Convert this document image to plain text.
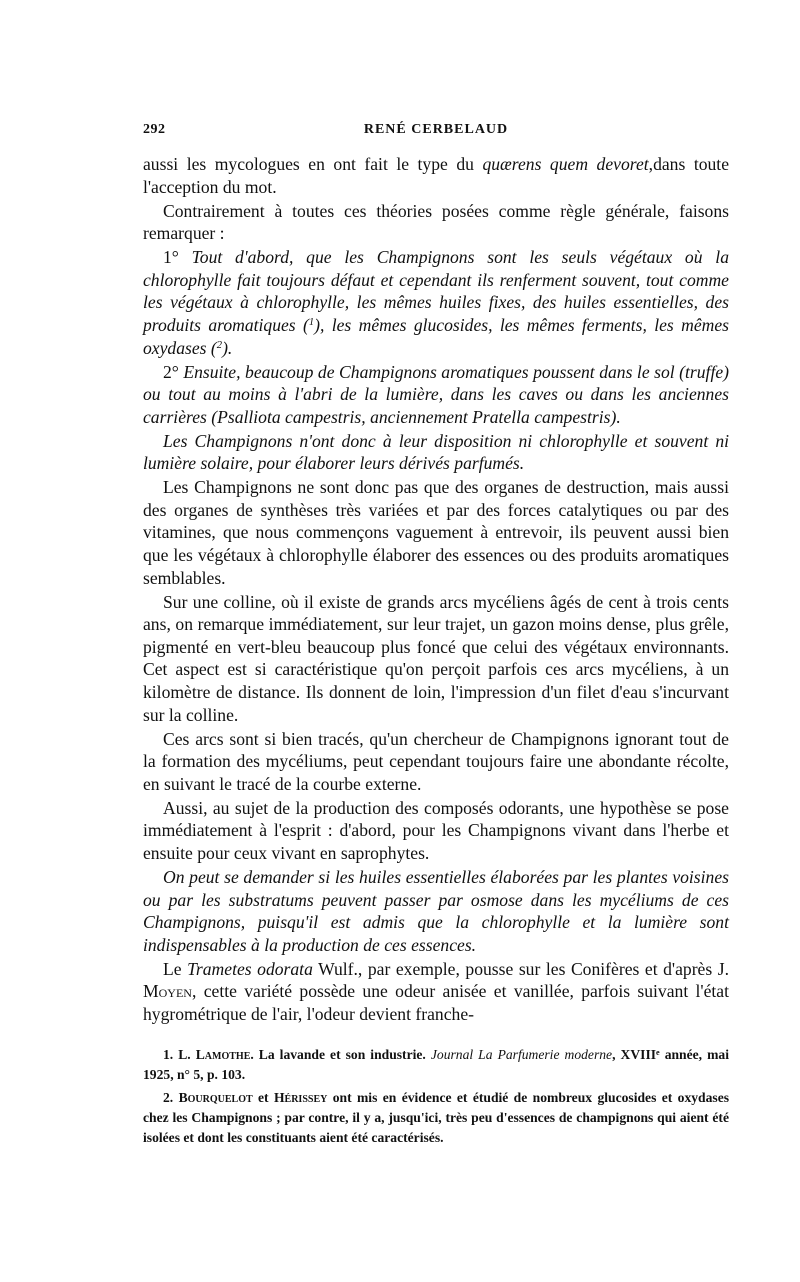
292	RENÉ CERBELAUD

aussi les mycologues en ont fait le type du quærens quem devoret,dans toute l'acception du mot.

Contrairement à toutes ces théories posées comme règle générale, faisons remarquer :

1° Tout d'abord, que les Champignons sont les seuls végétaux où la chlorophylle fait toujours défaut et cependant ils renferment souvent, tout comme les végétaux à chlorophylle, les mêmes huiles fixes, des huiles essentielles, des produits aromatiques ($^1$), les mêmes glucosides, les mêmes ferments, les mêmes oxydases ($^2$).

2° Ensuite, beaucoup de Champignons aromatiques poussent dans le sol (truffe) ou tout au moins à l'abri de la lumière, dans les caves ou dans les anciennes carrières (Psalliota campestris, anciennement Pratella campestris).

Les Champignons n'ont donc à leur disposition ni chlorophylle et souvent ni lumière solaire, pour élaborer leurs dérivés parfumés.

Les Champignons ne sont donc pas que des organes de destruction, mais aussi des organes de synthèses très variées et par des forces catalytiques ou par des vitamines, que nous commençons vaguement à entrevoir, ils peuvent aussi bien que les végétaux à chlorophylle élaborer des essences ou des produits aromatiques semblables.

Sur une colline, où il existe de grands arcs mycéliens âgés de cent à trois cents ans, on remarque immédiatement, sur leur trajet, un gazon moins dense, plus grêle, pigmenté en vert-bleu beaucoup plus foncé que celui des végétaux environnants. Cet aspect est si caractéristique qu'on perçoit parfois ces arcs mycéliens, à un kilomètre de distance. Ils donnent de loin, l'impression d'un filet d'eau s'incurvant sur la colline.

Ces arcs sont si bien tracés, qu'un chercheur de Champignons ignorant tout de la formation des mycéliums, peut cependant toujours faire une abondante récolte, en suivant le tracé de la courbe externe.

Aussi, au sujet de la production des composés odorants, une hypothèse se pose immédiatement à l'esprit : d'abord, pour les Champignons vivant dans l'herbe et ensuite pour ceux vivant en saprophytes.

On peut se demander si les huiles essentielles élaborées par les plantes voisines ou par les substratums peuvent passer par osmose dans les mycéliums de ces Champignons, puisqu'il est admis que la chlorophylle et la lumière sont indispensables à la production de ces essences.

Le Trametes odorata Wulf., par exemple, pousse sur les Conifères et d'après J. Moyen, cette variété possède une odeur anisée et vanillée, parfois suivant l'état hygrométrique de l'air, l'odeur devient franche-

1. L. Lamothe. La lavande et son industrie. Journal La Parfumerie moderne, XVIIIe année, mai 1925, n° 5, p. 103.

2. Bourquelot et Hérissey ont mis en évidence et étudié de nombreux glucosides et oxydases chez les Champignons ; par contre, il y a, jusqu'ici, très peu d'essences de champignons qui aient été isolées et dont les constituants aient été caractérisés.
